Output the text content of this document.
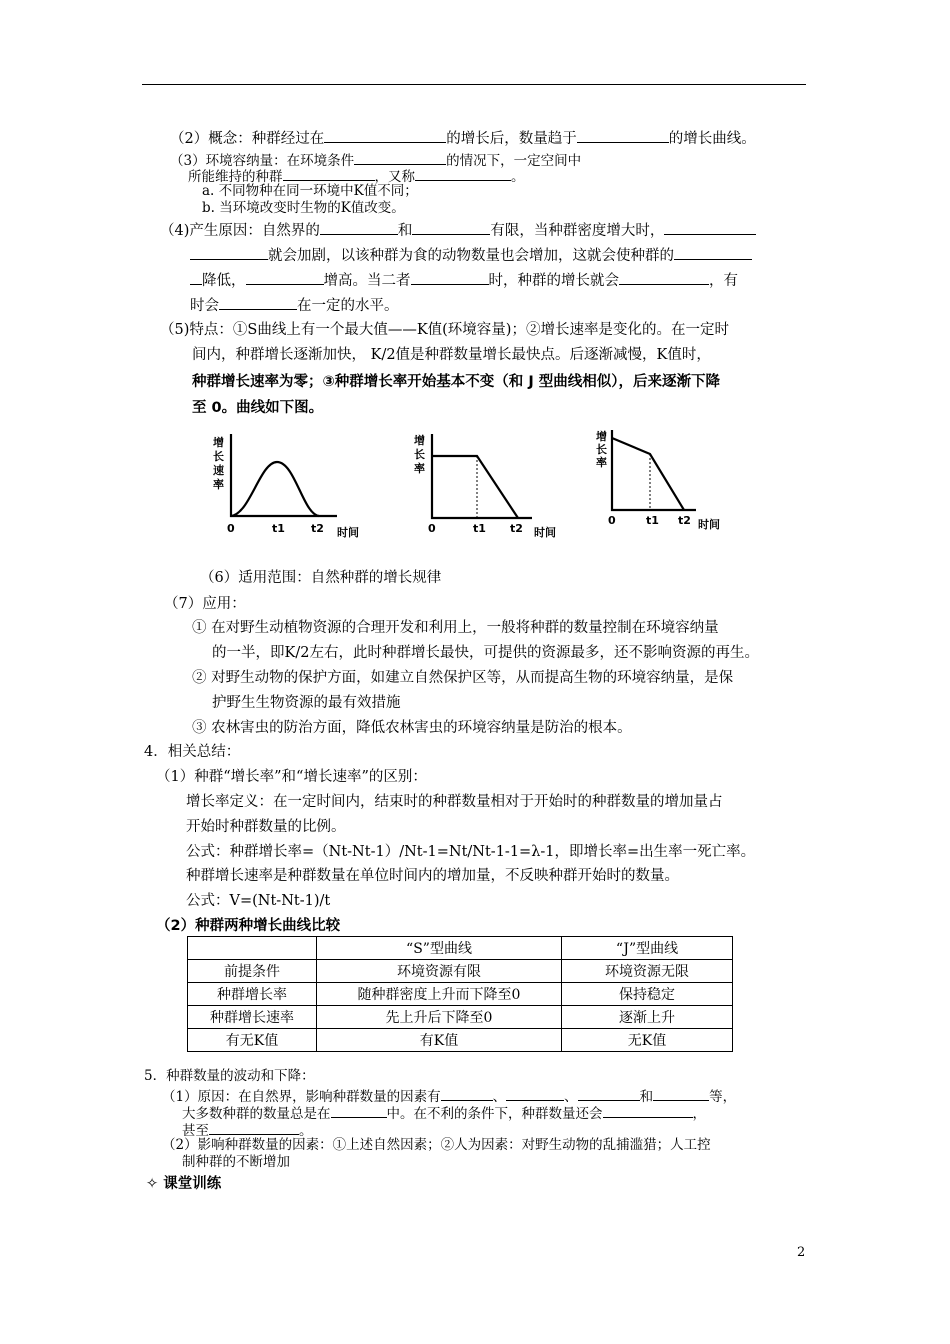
（2）概念：种群经过在	的增长后，数量趋于	的增长曲线。
（3）环境容纳量：在环境条件	的情况下，一定空间中
所能维持的种群	，又称	。
a. 不同物种在同一环境中K值不同；
b. 当环境改变时生物的K值改变。
（4)产生原因：自然界的	和	有限，当种群密度增大时，
就会加剧，以该种群为食的动物数量也会增加，这就会使种群的
降低，	增高。当二者	时，种群的增长就会	，有
时会	在一定的水平。
（5)特点：①S曲线上有一个最大值——K值(环境容量)；②增长速率是变化的。在一定时
间内，种群增长逐渐加快， K/2值是种群数量增长最快点。后逐渐减慢，K值时，
种群增长速率为零；③种群增长率开始基本不变（和 J 型曲线相似），后来逐渐下降
至 0。曲线如下图。
增
长
速
率
0	t1 t2 时间
增
长
率
0	t1 t2 时间
增
长
率
0	t1 t2 时间
（6）适用范围：自然种群的增长规律
（7）应用：
① 在对野生动植物资源的合理开发和利用上，一般将种群的数量控制在环境容纳量
的一半，即K/2左右，此时种群增长最快，可提供的资源最多，还不影响资源的再生。
② 对野生动物的保护方面，如建立自然保护区等，从而提高生物的环境容纳量，是保
护野生生物资源的最有效措施
③ 农林害虫的防治方面，降低农林害虫的环境容纳量是防治的根本。
4．相关总结：
（1）种群“增长率”和“增长速率”的区别：
增长率定义：在一定时间内，结束时的种群数量相对于开始时的种群数量的增加量占
开始时种群数量的比例。
公式：种群增长率=（Nt-Nt-1）/Nt-1=Nt/Nt-1-1=λ-1，即增长率=出生率一死亡率。
种群增长速率是种群数量在单位时间内的增加量，不反映种群开始时的数量。
公式：V=(Nt-Nt-1)/t
（2）种群两种增长曲线比较
	“S”型曲线	“J”型曲线
前提条件	环境资源有限	环境资源无限
种群增长率	随种群密度上升而下降至0	保持稳定
种群增长速率	先上升后下降至0	逐渐上升
有无K值	有K值	无K值
5．种群数量的波动和下降：
（1）原因：在自然界，影响种群数量的因素有	、	、	和	等，
大多数种群的数量总是在	中。在不利的条件下，种群数量还会	，
甚至	。
（2）影响种群数量的因素：①上述自然因素；②人为因素：对野生动物的乱捕滥猎；人工控
制种群的不断增加
✧ 课堂训练
2
